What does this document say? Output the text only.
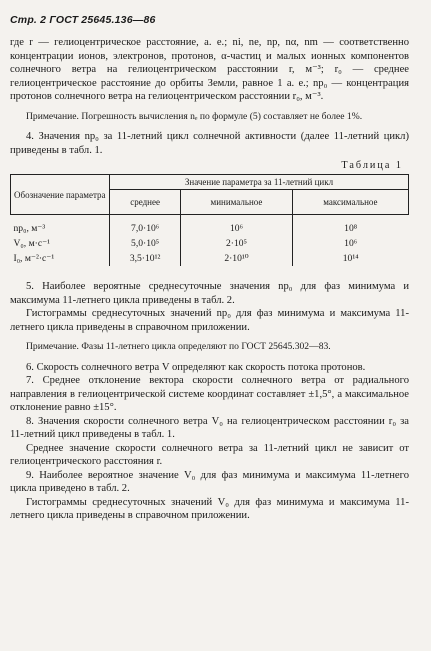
Стр. 2 ГОСТ 25645.136—86

где r — гелиоцентрическое расстояние, а. е.; ni, ne, np, nα, nm — соответственно концентрации ионов, электронов, протонов, α-частиц и малых ионных компонентов солнечного ветра на гелиоцентрическом расстоянии r, м⁻³; r₀ — среднее гелиоцентрическое расстояние до орбиты Земли, равное 1 а. е.; np₀ — концентрация протонов солнечного ветра на гелиоцентрическом расстоянии r₀, м⁻³.

Примечание. Погрешность вычисления nₑ по формуле (5) составляет не более 1%.

4. Значения np₀ за 11-летний цикл солнечной активности (далее 11-летний цикл) приведены в табл. 1.

Таблица 1
Обозначение параметра	Значение параметра за 11-летний цикл		
	среднее	минимальное	максимальное
np₀, м⁻³	7,0·10⁶	10⁶	10⁸
V₀, м·с⁻¹	5,0·10⁵	2·10⁵	10⁶
I₀, м⁻²·с⁻¹	3,5·10¹²	2·10¹⁰	10¹⁴

5. Наиболее вероятные среднесуточные значения np₀ для фаз минимума и максимума 11-летнего цикла приведены в табл. 2.

Гистограммы среднесуточных значений np₀ для фаз минимума и максимума 11-летнего цикла приведены в справочном приложении.

Примечание. Фазы 11-летнего цикла определяют по ГОСТ 25645.302—83.

6. Скорость солнечного ветра V определяют как скорость потока протонов.

7. Среднее отклонение вектора скорости солнечного ветра от радиального направления в гелиоцентрической системе координат составляет ±1,5°, а максимальное отклонение равно ±15°.

8. Значения скорости солнечного ветра V₀ на гелиоцентрическом расстоянии r₀ за 11-летний цикл приведены в табл. 1.

Среднее значение скорости солнечного ветра за 11-летний цикл не зависит от гелиоцентрического расстояния r.

9. Наиболее вероятное значение V₀ для фаз минимума и максимума 11-летнего цикла приведено в табл. 2.

Гистограммы среднесуточных значений V₀ для фаз минимума и максимума 11-летнего цикла приведены в справочном приложении.
